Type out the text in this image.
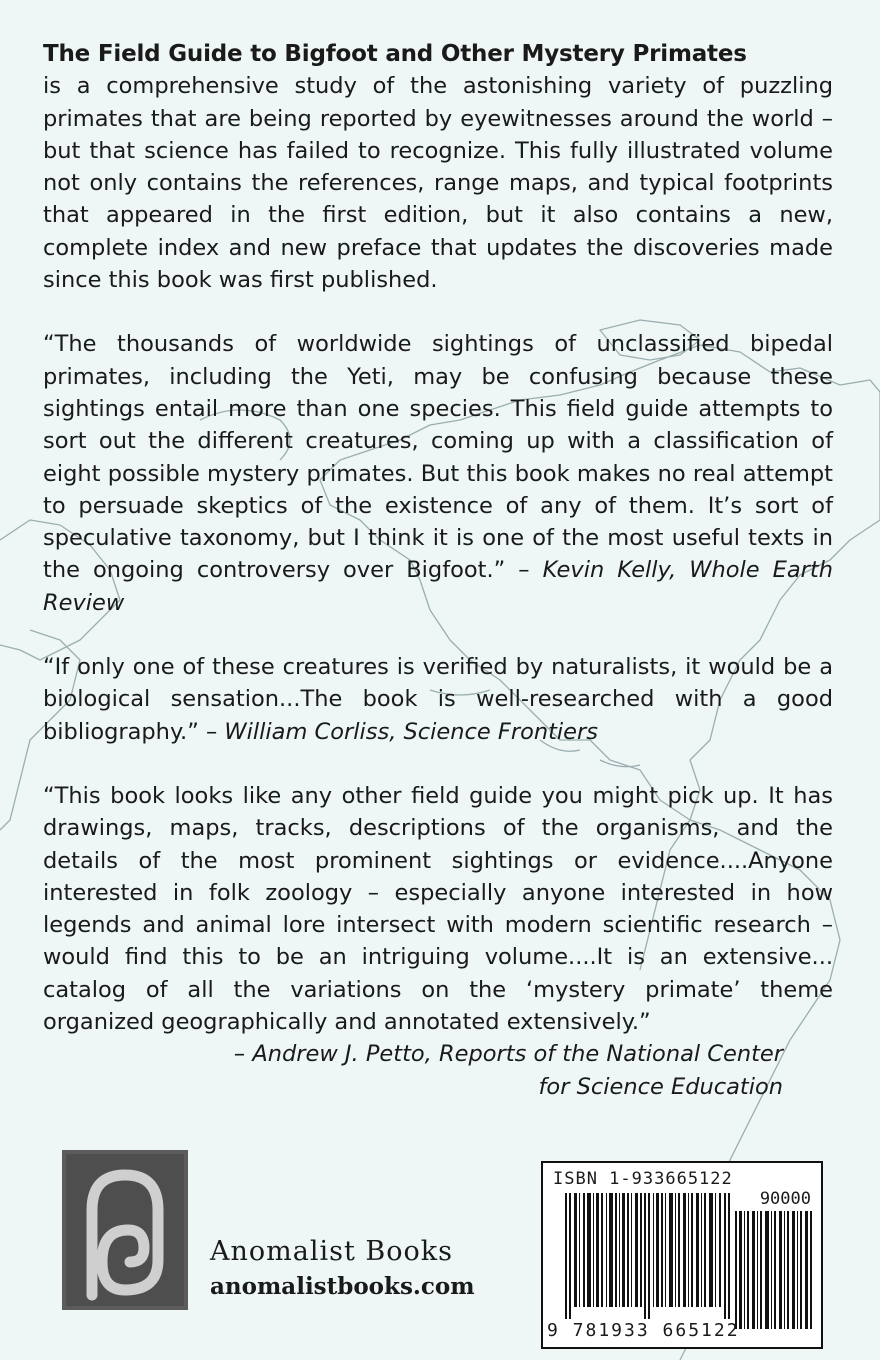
The Field Guide to Bigfoot and Other Mystery Primates
is a comprehensive study of the astonishing variety of puzzling primates that are being reported by eyewitnesses around the world – but that science has failed to recognize. This fully illustrated volume not only contains the references, range maps, and typical footprints that appeared in the first edition, but it also contains a new, complete index and new preface that updates the discoveries made since this book was first published.

“The thousands of worldwide sightings of unclassified bipedal primates, including the Yeti, may be confusing because these sightings entail more than one species. This field guide attempts to sort out the different creatures, coming up with a classification of eight possible mystery primates. But this book makes no real attempt to persuade skeptics of the existence of any of them. It’s sort of speculative taxonomy, but I think it is one of the most useful texts in the ongoing controversy over Bigfoot.” – Kevin Kelly, Whole Earth Review

“If only one of these creatures is verified by naturalists, it would be a biological sensation...The book is well-researched with a good bibliography.” – William Corliss, Science Frontiers

“This book looks like any other field guide you might pick up. It has drawings, maps, tracks, descriptions of the organisms, and the details of the most prominent sightings or evidence....Anyone interested in folk zoology – especially anyone interested in how legends and animal lore intersect with modern scientific research – would find this to be an intriguing volume....It is an extensive... catalog of all the variations on the ‘mystery primate’ theme organized geographically and annotated extensively.”

– Andrew J. Petto, Reports of the National Center
for Science Education
Anomalist Books
anomalistbooks.com
ISBN 1-933665122
90000
9 781933 665122
